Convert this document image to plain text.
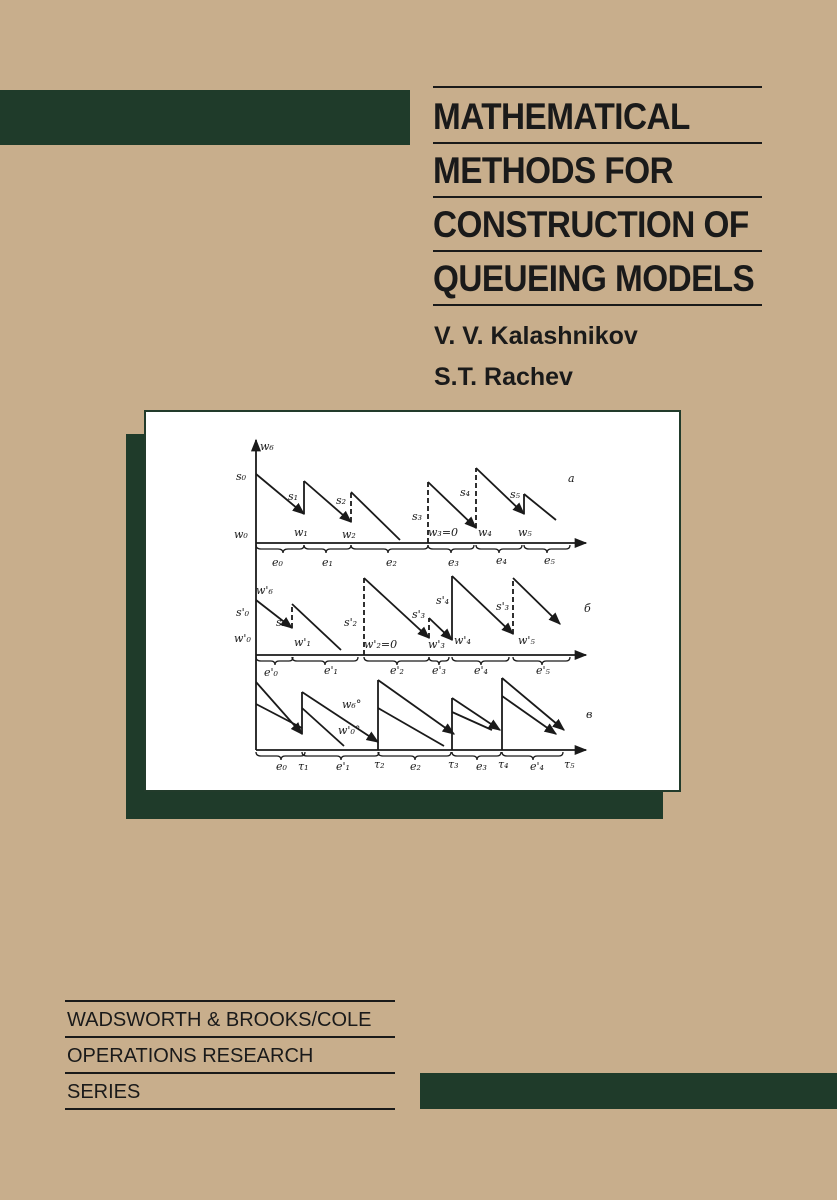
MATHEMATICAL
METHODS FOR
CONSTRUCTION OF
QUEUEING MODELS
V. V. Kalashnikov
S.T. Rachev
w₆
s₀
w₀
a
s₁	s₂
s₃
s₄	s₅
w₁	w₂	w₃=0 w₄ w₅
e₀	e₁	e₂	e₃	e₄	e₅
w'₆
s'₀
w'₀
б
s₁	s'₂
s'₃
s'₄	s'₃
w'₁	w'₂=0	w'₃ w'₄	w'₅
e'₀	e'₁	e'₂	e'₃	e'₄	e'₅
w₆°
w'₀°
в
e₀ τ₁	e'₁ τ₂ e₂ τ₃ e₃ τ₄ e'₄ τ₅
WADSWORTH & BROOKS/COLE
OPERATIONS RESEARCH
SERIES
